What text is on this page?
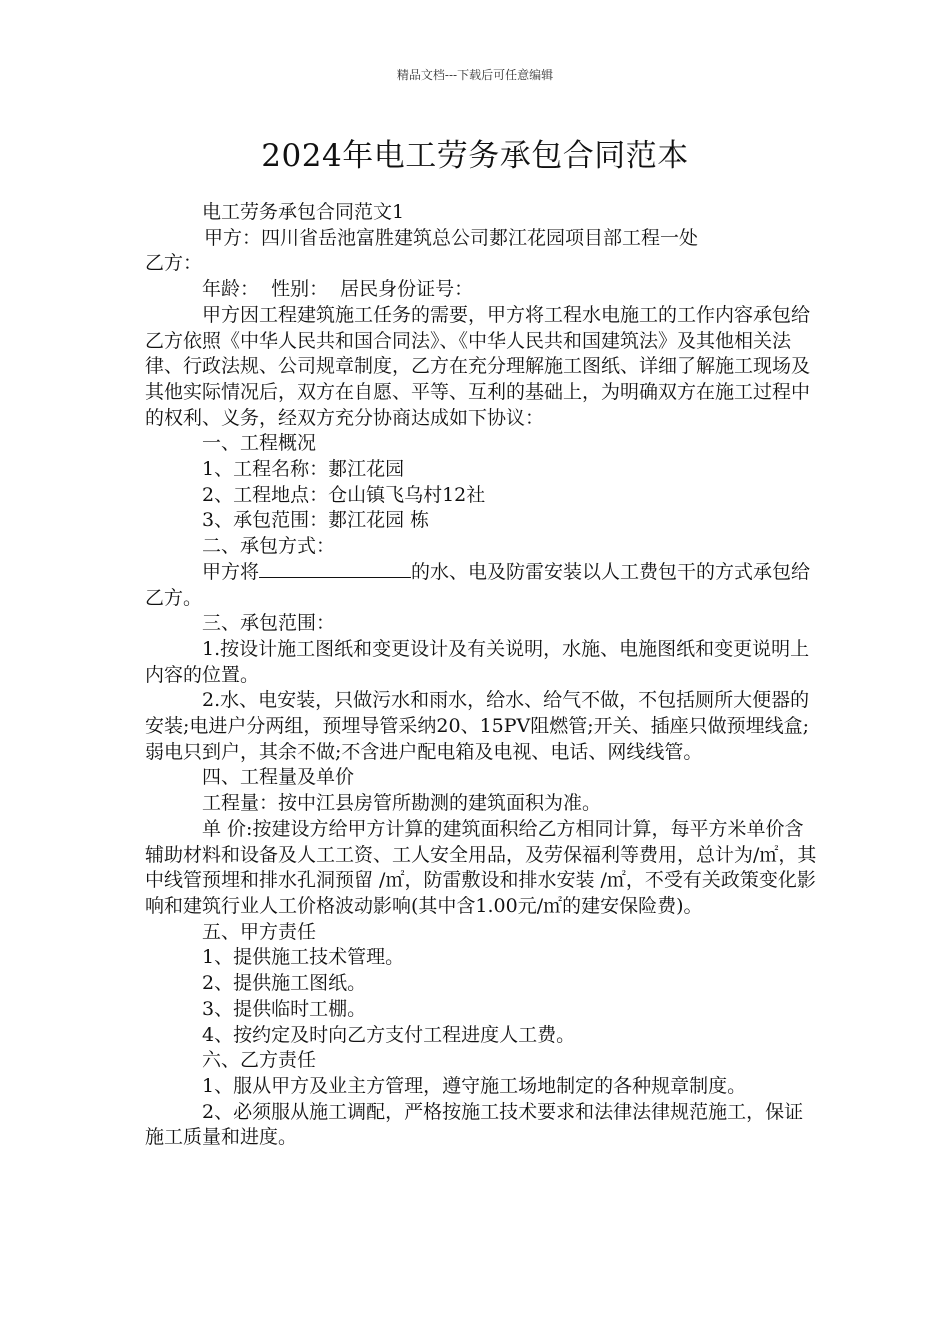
精品文档---下载后可任意编辑
2024年电工劳务承包合同范本

电工劳务承包合同范文1

甲方：四川省岳池富胜建筑总公司郪江花园项目部工程一处

乙方：

年龄：  性别：  居民身份证号：

甲方因工程建筑施工任务的需要，甲方将工程水电施工的工作内容承包给乙方依照《中华人民共和国合同法》、《中华人民共和国建筑法》及其他相关法律、行政法规、公司规章制度，乙方在充分理解施工图纸、详细了解施工现场及其他实际情况后，双方在自愿、平等、互利的基础上，为明确双方在施工过程中的权利、义务，经双方充分协商达成如下协议：

一、工程概况

1、工程名称：郪江花园

2、工程地点：仓山镇飞乌村12社

3、承包范围：郪江花园 栋

二、承包方式：

甲方将	的水、电及防雷安装以人工费包干的方式承包给乙方。

三、承包范围：

1.按设计施工图纸和变更设计及有关说明，水施、电施图纸和变更说明上内容的位置。

2.水、电安装，只做污水和雨水，给水、给气不做，不包括厕所大便器的安装;电进户分两组，预埋导管采纳20、15PV阻燃管;开关、插座只做预埋线盒;弱电只到户，其余不做;不含进户配电箱及电视、电话、网线线管。

四、工程量及单价

工程量：按中江县房管所勘测的建筑面积为准。

单 价:按建设方给甲方计算的建筑面积给乙方相同计算，每平方米单价含辅助材料和设备及人工工资、工人安全用品，及劳保福利等费用，总计为/㎡，其中线管预埋和排水孔洞预留 /㎡，防雷敷设和排水安装 /㎡，不受有关政策变化影响和建筑行业人工价格波动影响(其中含1.00元/㎡的建安保险费)。

五、甲方责任

1、提供施工技术管理。

2、提供施工图纸。

3、提供临时工棚。

4、按约定及时向乙方支付工程进度人工费。

六、乙方责任

1、服从甲方及业主方管理，遵守施工场地制定的各种规章制度。

2、必须服从施工调配，严格按施工技术要求和法律法律规范施工，保证施工质量和进度。
